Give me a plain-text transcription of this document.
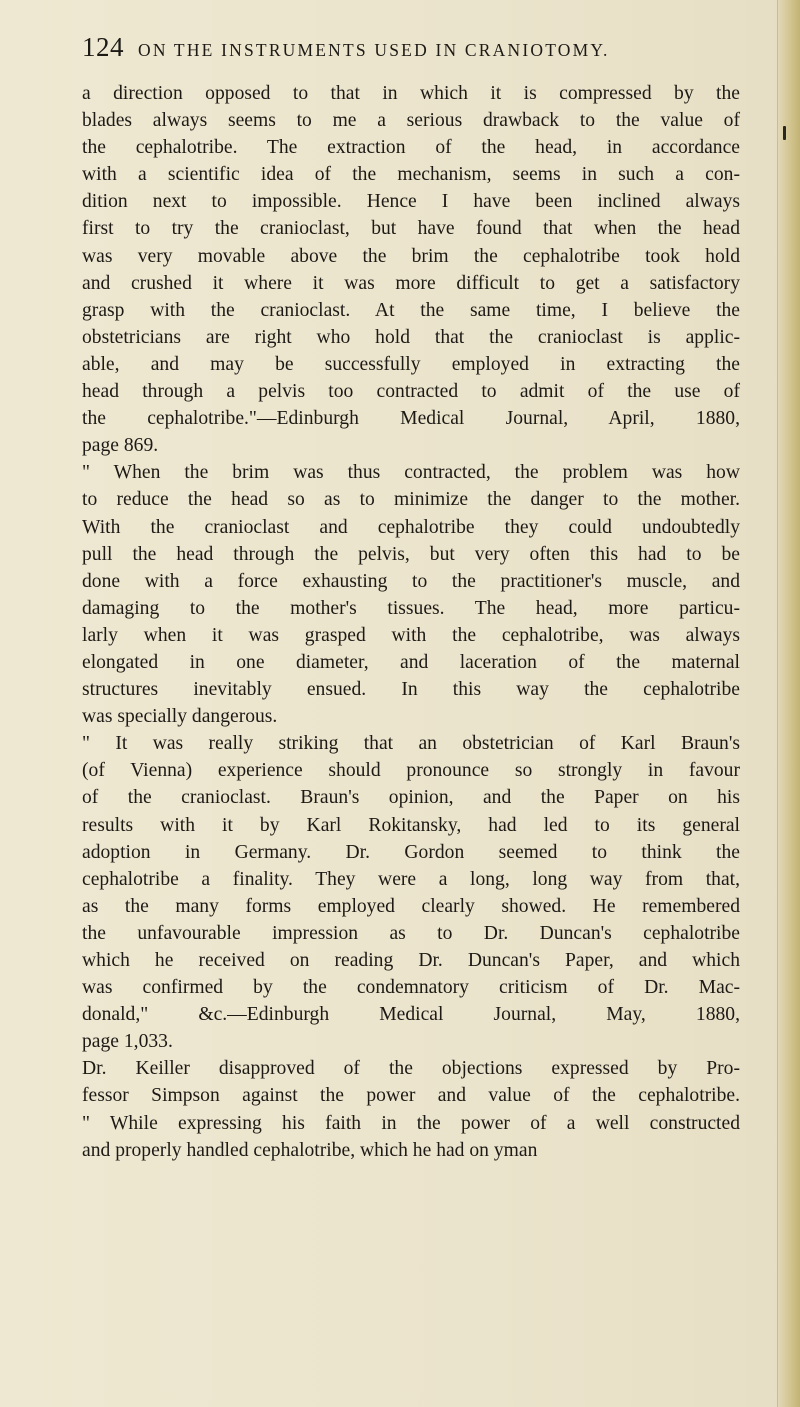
124 ON THE INSTRUMENTS USED IN CRANIOTOMY.
a direction opposed to that in which it is compressed by the
blades always seems to me a serious drawback to the value of
the cephalotribe. The extraction of the head, in accordance
with a scientific idea of the mechanism, seems in such a con-
dition next to impossible. Hence I have been inclined always
first to try the cranioclast, but have found that when the head
was very movable above the brim the cephalotribe took hold
and crushed it where it was more difficult to get a satisfactory
grasp with the cranioclast. At the same time, I believe the
obstetricians are right who hold that the cranioclast is applic-
able, and may be successfully employed in extracting the
head through a pelvis too contracted to admit of the use of
the cephalotribe."—Edinburgh Medical Journal, April, 1880,
page 869.
" When the brim was thus contracted, the problem was how
to reduce the head so as to minimize the danger to the mother.
With the cranioclast and cephalotribe they could undoubtedly
pull the head through the pelvis, but very often this had to be
done with a force exhausting to the practitioner's muscle, and
damaging to the mother's tissues. The head, more particu-
larly when it was grasped with the cephalotribe, was always
elongated in one diameter, and laceration of the maternal
structures inevitably ensued. In this way the cephalotribe
was specially dangerous.
" It was really striking that an obstetrician of Karl Braun's
(of Vienna) experience should pronounce so strongly in favour
of the cranioclast. Braun's opinion, and the Paper on his
results with it by Karl Rokitansky, had led to its general
adoption in Germany. Dr. Gordon seemed to think the
cephalotribe a finality. They were a long, long way from that,
as the many forms employed clearly showed. He remembered
the unfavourable impression as to Dr. Duncan's cephalotribe
which he received on reading Dr. Duncan's Paper, and which
was confirmed by the condemnatory criticism of Dr. Mac-
donald," &c.—Edinburgh Medical Journal, May, 1880,
page 1,033.
Dr. Keiller disapproved of the objections expressed by Pro-
fessor Simpson against the power and value of the cephalotribe.
" While expressing his faith in the power of a well constructed
and properly handled cephalotribe, which he had on yman
